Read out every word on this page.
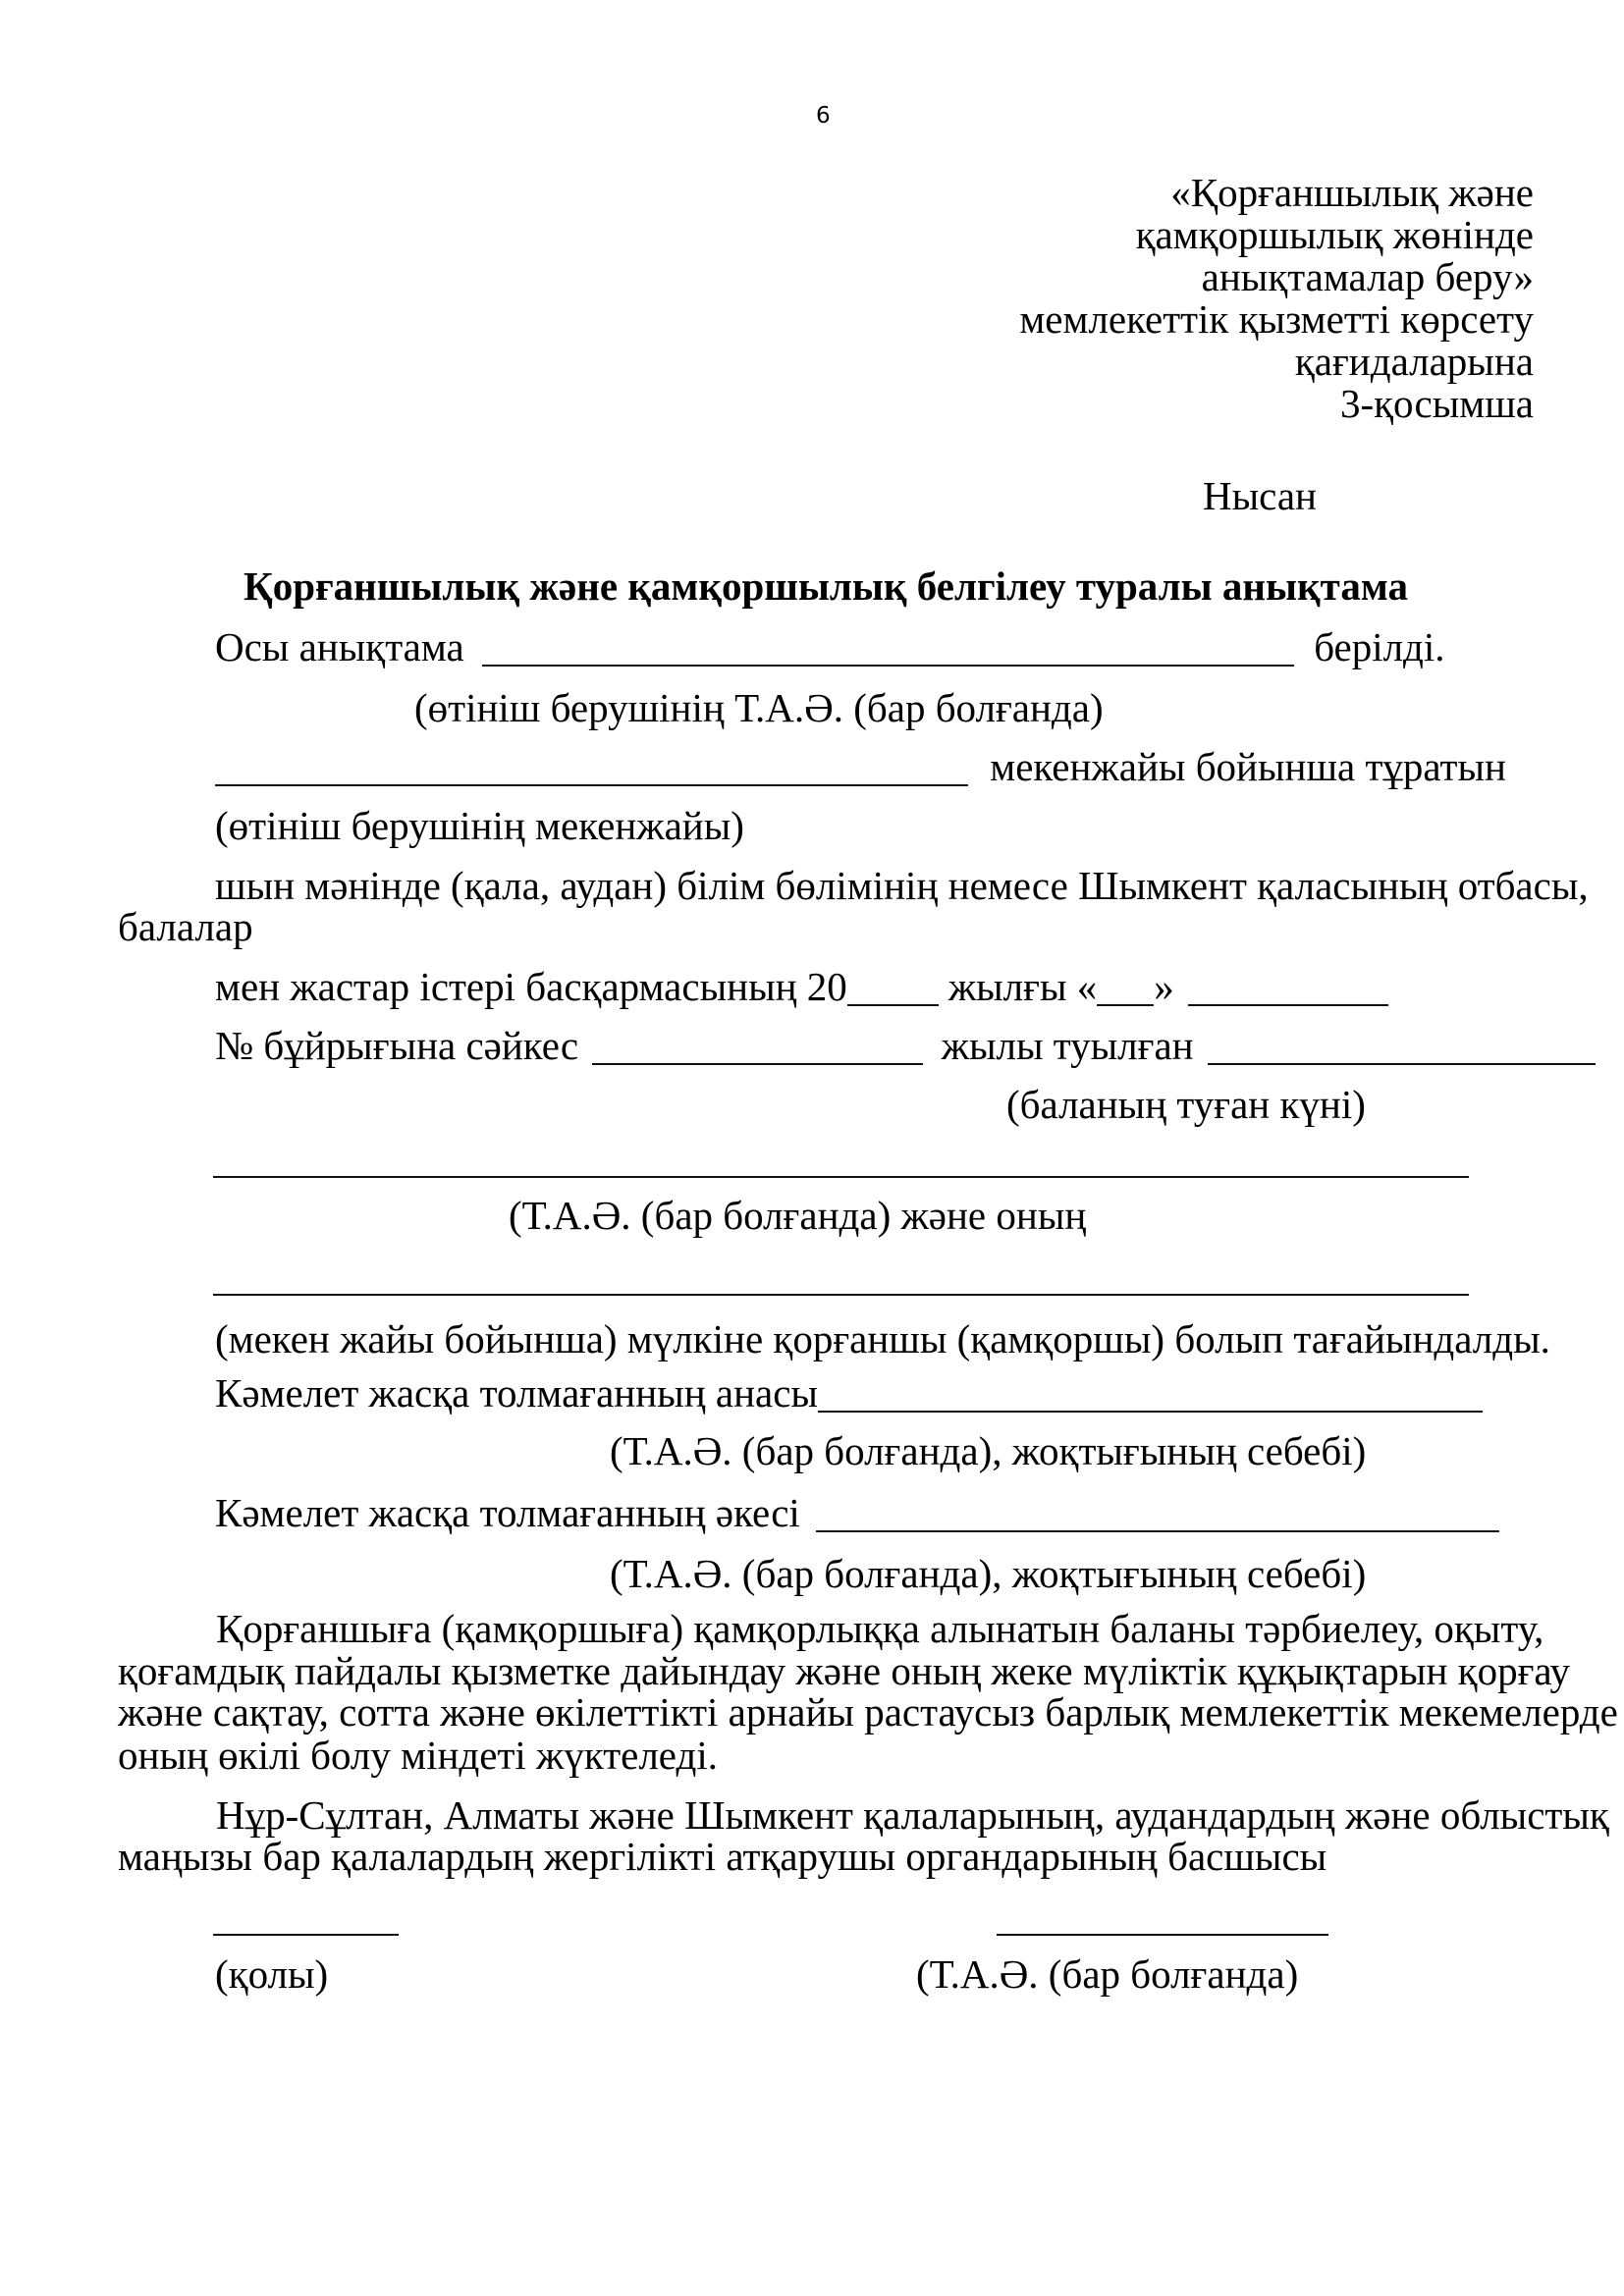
6
«Қорғаншылық және
қамқоршылық жөнінде
анықтамалар беру»
мемлекеттік қызметті көрсету
қағидаларына
3-қосымша
Нысан
Қорғаншылық және қамқоршылық белгілеу туралы анықтама
Осы анықтама	берілді.
(өтініш берушінің Т.А.Ә. (бар болғанда)
мекенжайы бойынша тұратын
(өтініш берушінің мекенжайы)
шын мәнінде (қала, аудан) білім бөлімінің немесе Шымкент қаласының отбасы,
балалар
мен жастар істері басқармасының 20	жылғы « »
№ бұйрығына сәйкес	жылы туылған
(баланың туған күні)
(Т.А.Ә. (бар болғанда) және оның
(мекен жайы бойынша) мүлкіне қорғаншы (қамқоршы) болып тағайындалды.
Кәмелет жасқа толмағанның анасы
(Т.А.Ә. (бар болғанда), жоқтығының себебі)
Кәмелет жасқа толмағанның әкесі
(Т.А.Ә. (бар болғанда), жоқтығының себебі)
Қорғаншыға (қамқоршыға) қамқорлыққа алынатын баланы тәрбиелеу, оқыту,
қоғамдық пайдалы қызметке дайындау және оның жеке мүліктік құқықтарын қорғау
және сақтау, сотта және өкілеттікті арнайы растаусыз барлық мемлекеттік мекемелерде
оның өкілі болу міндеті жүктеледі.
Нұр-Сұлтан, Алматы және Шымкент қалаларының, аудандардың және облыстық
маңызы бар қалалардың жергілікті атқарушы органдарының басшысы
(қолы)	(Т.А.Ә. (бар болғанда)
